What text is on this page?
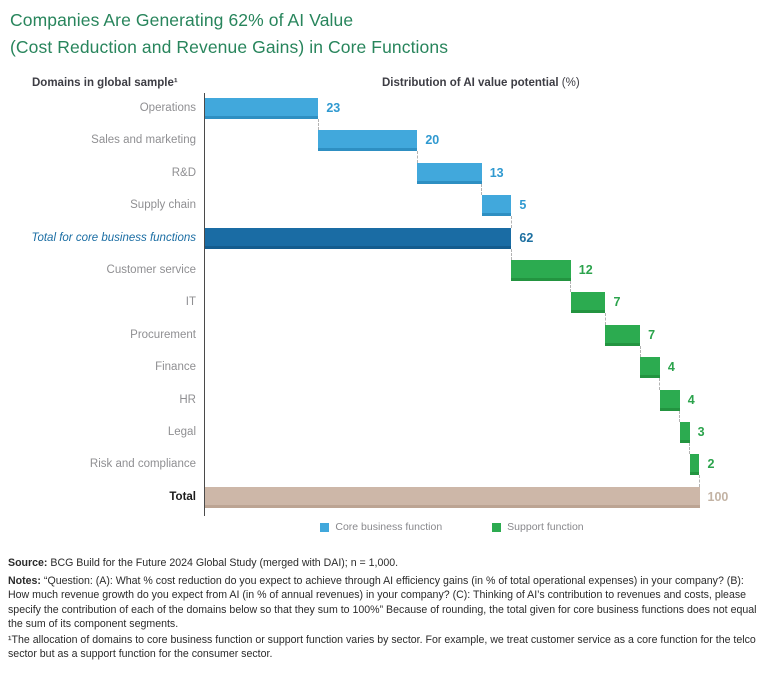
Companies Are Generating 62% of AI Value
(Cost Reduction and Revenue Gains) in Core Functions
Domains in global sample¹	Distribution of AI value potential (%)
Operations	23
Sales and marketing	20
R&D	13
Supply chain	5
Total for core business functions	62
Customer service	12
IT	7
Procurement	7
Finance	4
HR	4
Legal	3
Risk and compliance	2
Total	100
Core business function	Support function

Source: BCG Build for the Future 2024 Global Study (merged with DAI); n = 1,000.

Notes: “Question: (A): What % cost reduction do you expect to achieve through AI efficiency gains (in % of total operational expenses) in your company? (B): How much revenue growth do you expect from AI (in % of annual revenues) in your company? (C): Thinking of AI’s contribution to revenues and costs, please specify the contribution of each of the domains below so that they sum to 100%” Because of rounding, the total given for core business functions does not equal the sum of its component segments.

¹The allocation of domains to core business function or support function varies by sector. For example, we treat customer service as a core function for the telco sector but as a support function for the consumer sector.
